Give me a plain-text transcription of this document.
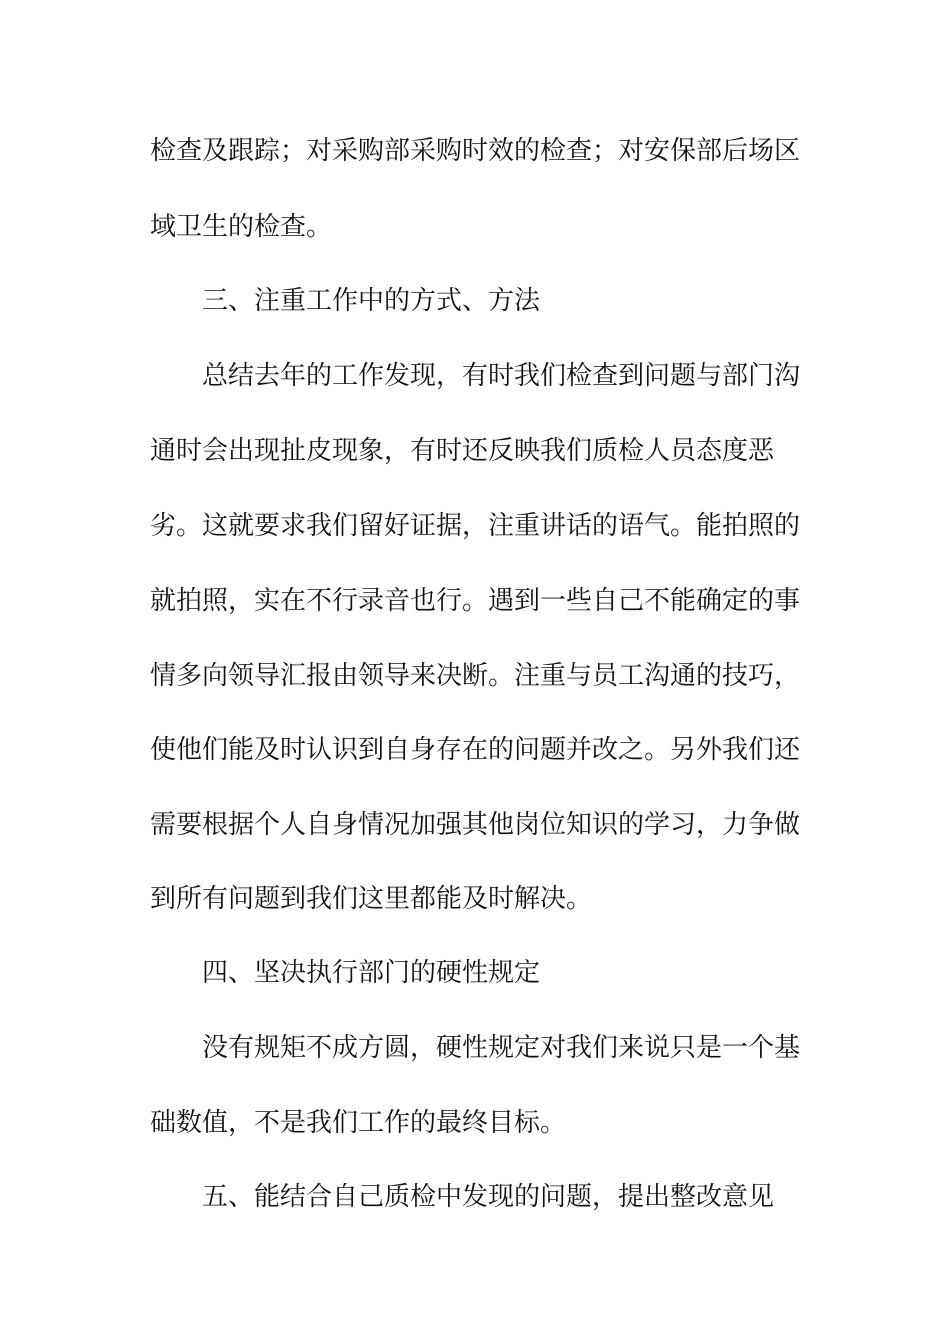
检查及跟踪；对采购部采购时效的检查；对安保部后场区
域卫生的检查。
三、注重工作中的方式、方法
总结去年的工作发现，有时我们检查到问题与部门沟
通时会出现扯皮现象，有时还反映我们质检人员态度恶
劣。这就要求我们留好证据，注重讲话的语气。能拍照的
就拍照，实在不行录音也行。遇到一些自己不能确定的事
情多向领导汇报由领导来决断。注重与员工沟通的技巧，
使他们能及时认识到自身存在的问题并改之。另外我们还
需要根据个人自身情况加强其他岗位知识的学习，力争做
到所有问题到我们这里都能及时解决。
四、坚决执行部门的硬性规定
没有规矩不成方圆，硬性规定对我们来说只是一个基
础数值，不是我们工作的最终目标。
五、能结合自己质检中发现的问题，提出整改意见
